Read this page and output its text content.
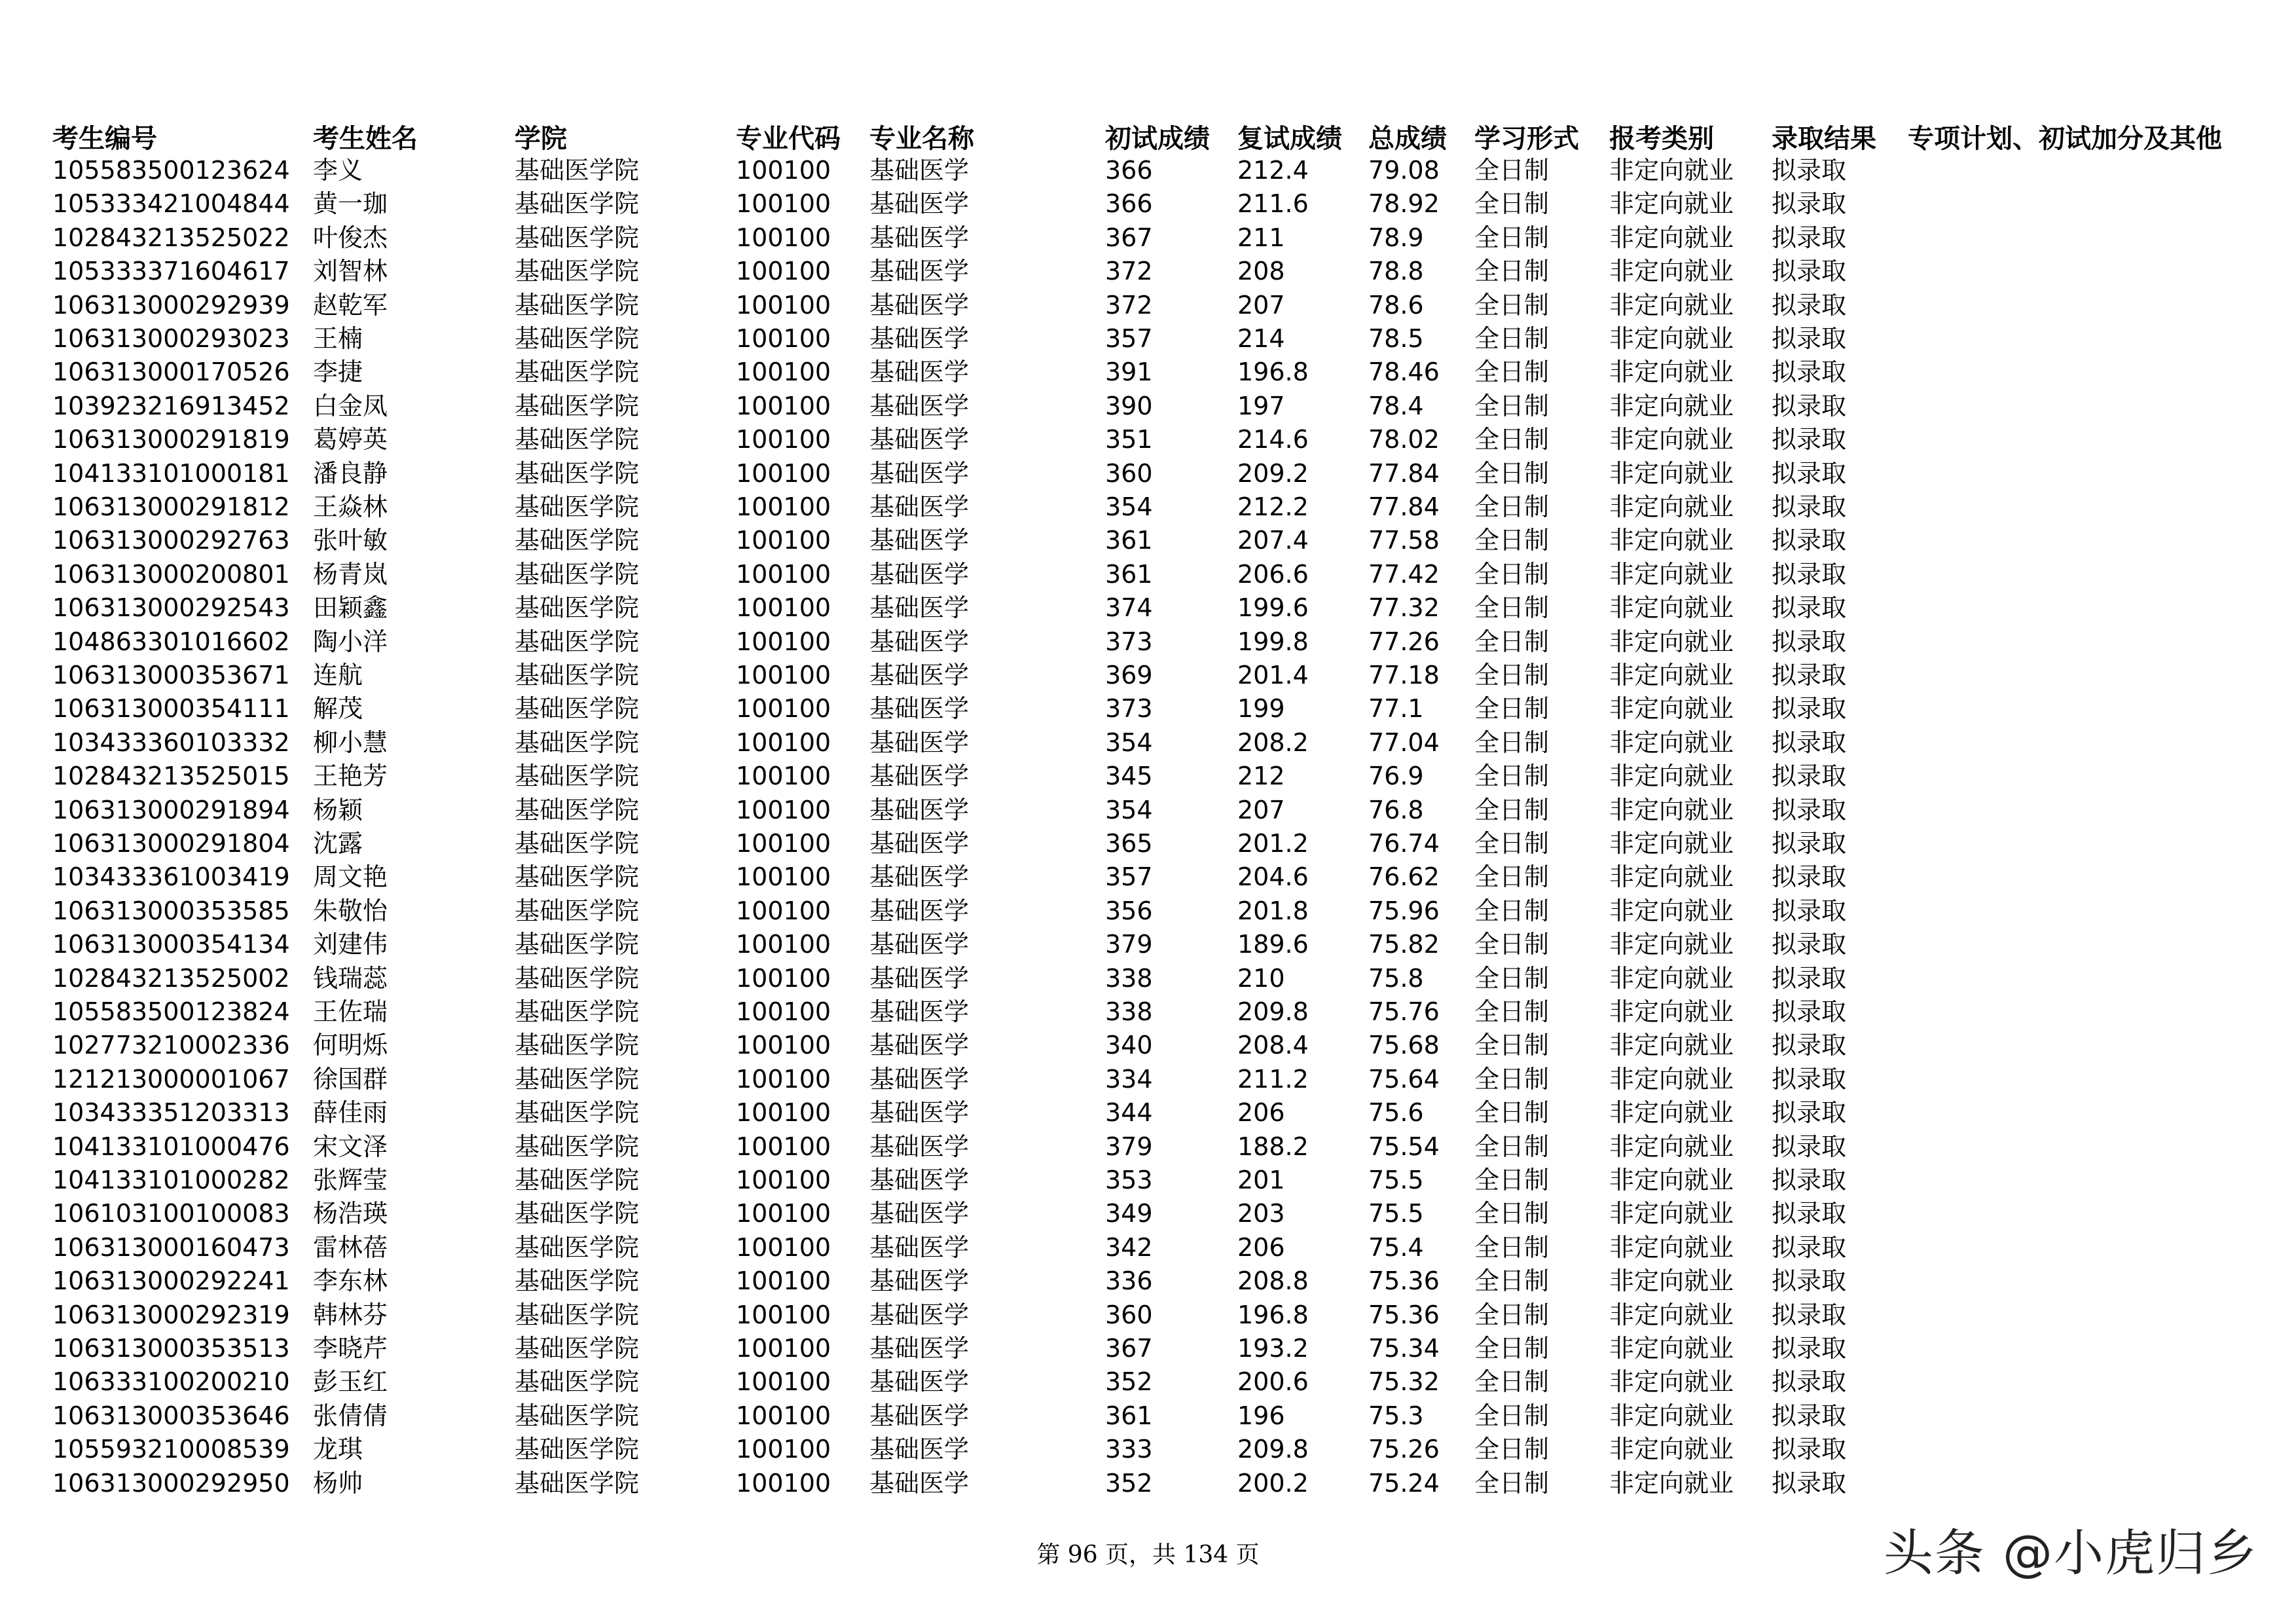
考生编号	考生姓名	学院	专业代码 专业名称	初试成绩 复试成绩 总成绩 学习形式 报考类别 录取结果 专项计划、初试加分及其他
105583500123624 李义	基础医学院	100100 基础医学	366	212.4 79.08 全日制 非定向就业 拟录取
105333421004844 黄一珈	基础医学院	100100 基础医学	366	211.6 78.92 全日制 非定向就业 拟录取
102843213525022 叶俊杰	基础医学院	100100 基础医学	367	211	78.9 全日制 非定向就业 拟录取
105333371604617 刘智林	基础医学院	100100 基础医学	372	208	78.8 全日制 非定向就业 拟录取
106313000292939 赵乾军	基础医学院	100100 基础医学	372	207	78.6 全日制 非定向就业 拟录取
106313000293023 王楠	基础医学院	100100 基础医学	357	214	78.5 全日制 非定向就业 拟录取
106313000170526 李捷	基础医学院	100100 基础医学	391	196.8 78.46 全日制 非定向就业 拟录取
103923216913452 白金凤	基础医学院	100100 基础医学	390	197	78.4 全日制 非定向就业 拟录取
106313000291819 葛婷英	基础医学院	100100 基础医学	351	214.6 78.02 全日制 非定向就业 拟录取
104133101000181 潘良静	基础医学院	100100 基础医学	360	209.2 77.84 全日制 非定向就业 拟录取
106313000291812 王焱林	基础医学院	100100 基础医学	354	212.2 77.84 全日制 非定向就业 拟录取
106313000292763 张叶敏	基础医学院	100100 基础医学	361	207.4 77.58 全日制 非定向就业 拟录取
106313000200801 杨青岚	基础医学院	100100 基础医学	361	206.6 77.42 全日制 非定向就业 拟录取
106313000292543 田颖鑫	基础医学院	100100 基础医学	374	199.6 77.32 全日制 非定向就业 拟录取
104863301016602 陶小洋	基础医学院	100100 基础医学	373	199.8 77.26 全日制 非定向就业 拟录取
106313000353671 连航	基础医学院	100100 基础医学	369	201.4 77.18 全日制 非定向就业 拟录取
106313000354111 解茂	基础医学院	100100 基础医学	373	199	77.1 全日制 非定向就业 拟录取
103433360103332 柳小慧	基础医学院	100100 基础医学	354	208.2 77.04 全日制 非定向就业 拟录取
102843213525015 王艳芳	基础医学院	100100 基础医学	345	212	76.9 全日制 非定向就业 拟录取
106313000291894 杨颖	基础医学院	100100 基础医学	354	207	76.8 全日制 非定向就业 拟录取
106313000291804 沈露	基础医学院	100100 基础医学	365	201.2 76.74 全日制 非定向就业 拟录取
103433361003419 周文艳	基础医学院	100100 基础医学	357	204.6 76.62 全日制 非定向就业 拟录取
106313000353585 朱敬怡	基础医学院	100100 基础医学	356	201.8 75.96 全日制 非定向就业 拟录取
106313000354134 刘建伟	基础医学院	100100 基础医学	379	189.6 75.82 全日制 非定向就业 拟录取
102843213525002 钱瑞蕊	基础医学院	100100 基础医学	338	210	75.8 全日制 非定向就业 拟录取
105583500123824 王佐瑞	基础医学院	100100 基础医学	338	209.8 75.76 全日制 非定向就业 拟录取
102773210002336 何明烁	基础医学院	100100 基础医学	340	208.4 75.68 全日制 非定向就业 拟录取
121213000001067 徐国群	基础医学院	100100 基础医学	334	211.2 75.64 全日制 非定向就业 拟录取
103433351203313 薛佳雨	基础医学院	100100 基础医学	344	206	75.6 全日制 非定向就业 拟录取
104133101000476 宋文泽	基础医学院	100100 基础医学	379	188.2 75.54 全日制 非定向就业 拟录取
104133101000282 张辉莹	基础医学院	100100 基础医学	353	201	75.5 全日制 非定向就业 拟录取
106103100100083 杨浩瑛	基础医学院	100100 基础医学	349	203	75.5 全日制 非定向就业 拟录取
106313000160473 雷林蓓	基础医学院	100100 基础医学	342	206	75.4 全日制 非定向就业 拟录取
106313000292241 李东林	基础医学院	100100 基础医学	336	208.8 75.36 全日制 非定向就业 拟录取
106313000292319 韩林芬	基础医学院	100100 基础医学	360	196.8 75.36 全日制 非定向就业 拟录取
106313000353513 李晓芹	基础医学院	100100 基础医学	367	193.2 75.34 全日制 非定向就业 拟录取
106333100200210 彭玉红	基础医学院	100100 基础医学	352	200.6 75.32 全日制 非定向就业 拟录取
106313000353646 张倩倩	基础医学院	100100 基础医学	361	196	75.3 全日制 非定向就业 拟录取
105593210008539 龙琪	基础医学院	100100 基础医学	333	209.8 75.26 全日制 非定向就业 拟录取
106313000292950 杨帅	基础医学院	100100 基础医学	352	200.2 75.24 全日制 非定向就业 拟录取
第 96 页，共 134 页	头条 @小虎归乡
